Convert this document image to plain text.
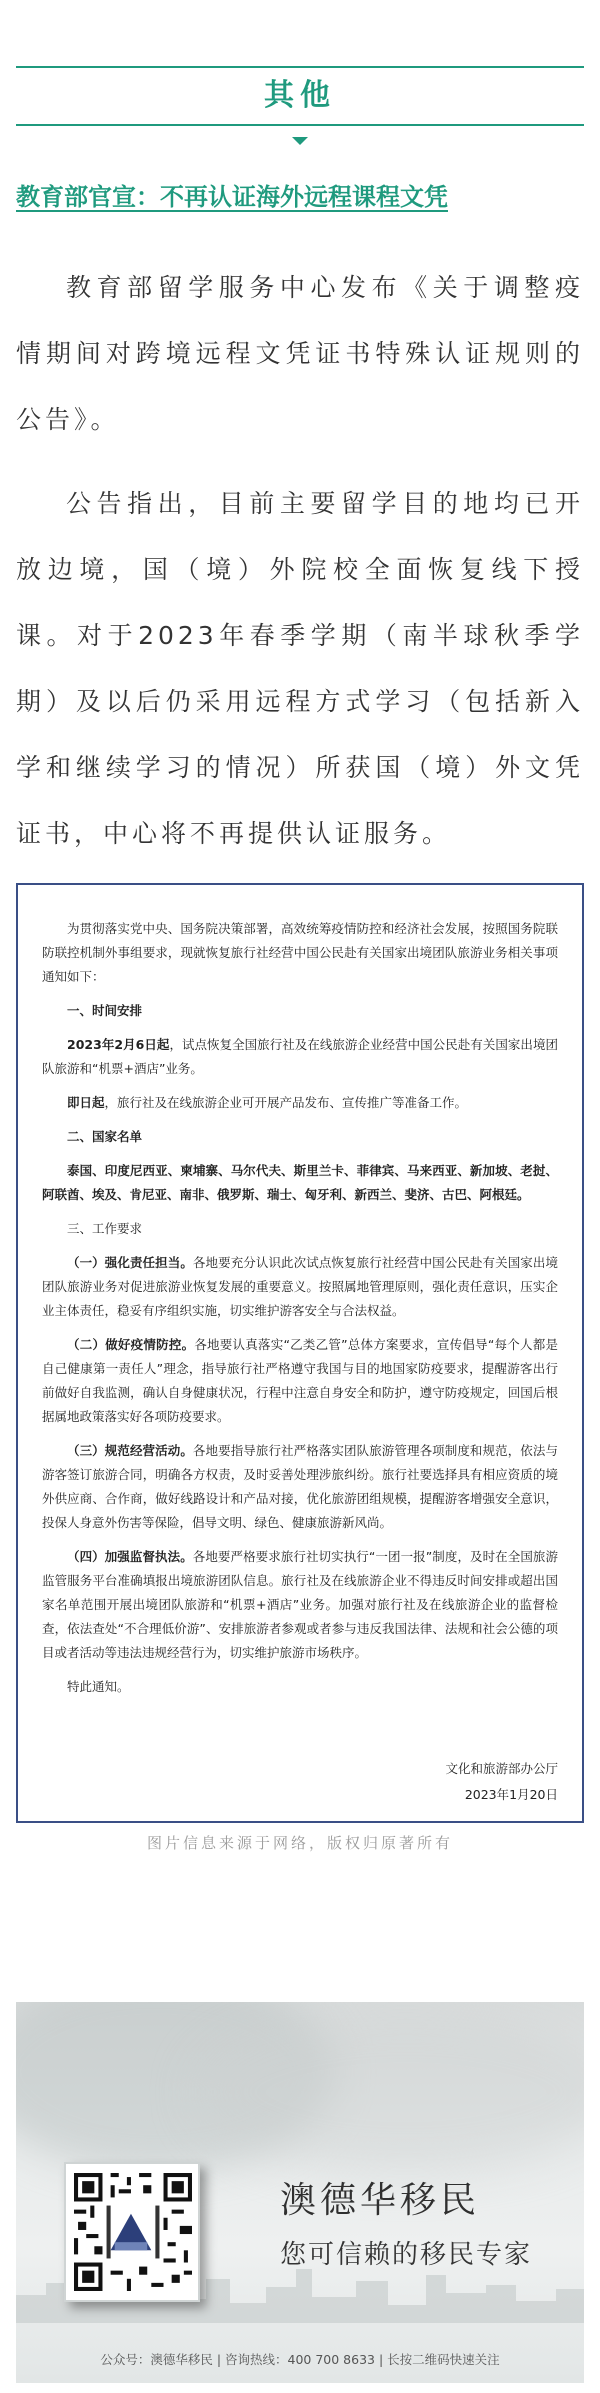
其他
教育部官宣：不再认证海外远程课程文凭

教育部留学服务中心发布《关于调整疫情期间对跨境远程文凭证书特殊认证规则的公告》。

公告指出，目前主要留学目的地均已开放边境，国（境）外院校全面恢复线下授课。对于2023年春季学期（南半球秋季学期）及以后仍采用远程方式学习（包括新入学和继续学习的情况）所获国（境）外文凭证书，中心将不再提供认证服务。

为贯彻落实党中央、国务院决策部署，高效统筹疫情防控和经济社会发展，按照国务院联防联控机制外事组要求，现就恢复旅行社经营中国公民赴有关国家出境团队旅游业务相关事项通知如下：

一、时间安排

2023年2月6日起，试点恢复全国旅行社及在线旅游企业经营中国公民赴有关国家出境团队旅游和“机票+酒店”业务。

即日起，旅行社及在线旅游企业可开展产品发布、宣传推广等准备工作。

二、国家名单

泰国、印度尼西亚、柬埔寨、马尔代夫、斯里兰卡、菲律宾、马来西亚、新加坡、老挝、阿联酋、埃及、肯尼亚、南非、俄罗斯、瑞士、匈牙利、新西兰、斐济、古巴、阿根廷。

三、工作要求

（一）强化责任担当。各地要充分认识此次试点恢复旅行社经营中国公民赴有关国家出境团队旅游业务对促进旅游业恢复发展的重要意义。按照属地管理原则，强化责任意识，压实企业主体责任，稳妥有序组织实施，切实维护游客安全与合法权益。

（二）做好疫情防控。各地要认真落实“乙类乙管”总体方案要求，宣传倡导“每个人都是自己健康第一责任人”理念，指导旅行社严格遵守我国与目的地国家防疫要求，提醒游客出行前做好自我监测，确认自身健康状况，行程中注意自身安全和防护，遵守防疫规定，回国后根据属地政策落实好各项防疫要求。

（三）规范经营活动。各地要指导旅行社严格落实团队旅游管理各项制度和规范，依法与游客签订旅游合同，明确各方权责，及时妥善处理涉旅纠纷。旅行社要选择具有相应资质的境外供应商、合作商，做好线路设计和产品对接，优化旅游团组规模，提醒游客增强安全意识，投保人身意外伤害等保险，倡导文明、绿色、健康旅游新风尚。

（四）加强监督执法。各地要严格要求旅行社切实执行“一团一报”制度，及时在全国旅游监管服务平台准确填报出境旅游团队信息。旅行社及在线旅游企业不得违反时间安排或超出国家名单范围开展出境团队旅游和“机票+酒店”业务。加强对旅行社及在线旅游企业的监督检查，依法查处“不合理低价游”、安排旅游者参观或者参与违反我国法律、法规和社会公德的项目或者活动等违法违规经营行为，切实维护旅游市场秩序。

特此通知。

文化和旅游部办公厅
2023年1月20日
图片信息来源于网络，版权归原著所有
澳德华移民
您可信赖的移民专家
公众号：澳德华移民 | 咨询热线：400 700 8633 | 长按二维码快速关注
